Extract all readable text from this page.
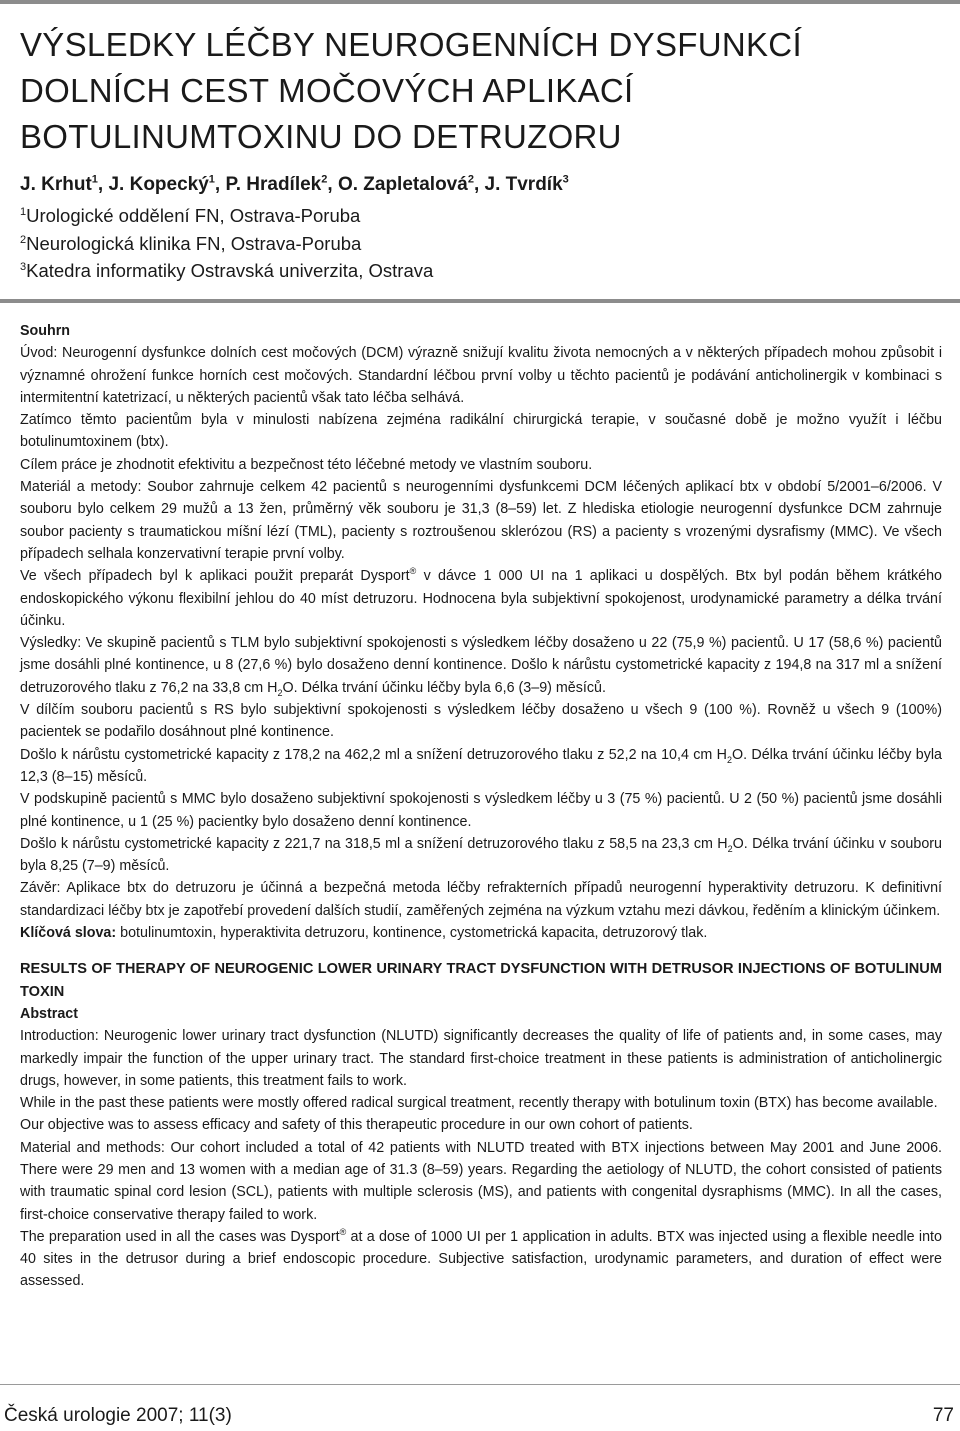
VÝSLEDKY LÉČBY NEUROGENNÍCH DYSFUNKCÍ DOLNÍCH CEST MOČOVÝCH APLIKACÍ BOTULINUMTOXINU DO DETRUZORU
J. Krhut$^1$, J. Kopecký$^1$, P. Hradílek$^2$, O. Zapletalová$^2$, J. Tvrdík$^3$
$^1$Urologické oddělení FN, Ostrava-Poruba
$^2$Neurologická klinika FN, Ostrava-Poruba
$^3$Katedra informatiky Ostravská univerzita, Ostrava

Souhrn

Úvod: Neurogenní dysfunkce dolních cest močových (DCM) výrazně snižují kvalitu života nemocných a v některých případech mohou způsobit i významné ohrožení funkce horních cest močových. Standardní léčbou první volby u těchto pacientů je podávání anticholinergik v kombinaci s intermitentní katetrizací, u některých pacientů však tato léčba selhává.

Zatímco těmto pacientům byla v minulosti nabízena zejména radikální chirurgická terapie, v současné době je možno využít i léčbu botulinumtoxinem (btx).

Cílem práce je zhodnotit efektivitu a bezpečnost této léčebné metody ve vlastním souboru.

Materiál a metody: Soubor zahrnuje celkem 42 pacientů s neurogenními dysfunkcemi DCM léčených aplikací btx v období 5/2001–6/2006. V souboru bylo celkem 29 mužů a 13 žen, průměrný věk souboru je 31,3 (8–59) let. Z hlediska etiologie neurogenní dysfunkce DCM zahrnuje soubor pacienty s traumatickou míšní lézí (TML), pacienty s roztroušenou sklerózou (RS) a pacienty s vrozenými dysrafismy (MMC). Ve všech případech selhala konzervativní terapie první volby.

Ve všech případech byl k aplikaci použit preparát Dysport® v dávce 1 000 UI na 1 aplikaci u dospělých. Btx byl podán během krátkého endoskopického výkonu flexibilní jehlou do 40 míst detruzoru. Hodnocena byla subjektivní spokojenost, urodynamické parametry a délka trvání účinku.

Výsledky: Ve skupině pacientů s TLM bylo subjektivní spokojenosti s výsledkem léčby dosaženo u 22 (75,9 %) pacientů. U 17 (58,6 %) pacientů jsme dosáhli plné kontinence, u 8 (27,6 %) bylo dosaženo denní kontinence. Došlo k nárůstu cystometrické kapacity z 194,8 na 317 ml a snížení detruzorového tlaku z 76,2 na 33,8 cm $H_2O$. Délka trvání účinku léčby byla 6,6 (3–9) měsíců.

V dílčím souboru pacientů s RS bylo subjektivní spokojenosti s výsledkem léčby dosaženo u všech 9 (100 %). Rovněž u všech 9 (100%) pacientek se podařilo dosáhnout plné kontinence.

Došlo k nárůstu cystometrické kapacity z 178,2 na 462,2 ml a snížení detruzorového tlaku z 52,2 na 10,4 cm $H_2O$. Délka trvání účinku léčby byla 12,3 (8–15) měsíců.

V podskupině pacientů s MMC bylo dosaženo subjektivní spokojenosti s výsledkem léčby u 3 (75 %) pacientů. U 2 (50 %) pacientů jsme dosáhli plné kontinence, u 1 (25 %) pacientky bylo dosaženo denní kontinence.

Došlo k nárůstu cystometrické kapacity z 221,7 na 318,5 ml a snížení detruzorového tlaku z 58,5 na 23,3 cm $H_2O$. Délka trvání účinku v souboru byla 8,25 (7–9) měsíců.

Závěr: Aplikace btx do detruzoru je účinná a bezpečná metoda léčby refrakterních případů neurogenní hyperaktivity detruzoru. K definitivní standardizaci léčby btx je zapotřebí provedení dalších studií, zaměřených zejména na výzkum vztahu mezi dávkou, ředěním a klinickým účinkem.

Klíčová slova: botulinumtoxin, hyperaktivita detruzoru, kontinence, cystometrická kapacita, detruzorový tlak.

RESULTS OF THERAPY OF NEUROGENIC LOWER URINARY TRACT DYSFUNCTION WITH DETRUSOR INJECTIONS OF BOTULINUM TOXIN

Abstract

Introduction: Neurogenic lower urinary tract dysfunction (NLUTD) significantly decreases the quality of life of patients and, in some cases, may markedly impair the function of the upper urinary tract. The standard first-choice treatment in these patients is administration of anticholinergic drugs, however, in some patients, this treatment fails to work.

While in the past these patients were mostly offered radical surgical treatment, recently therapy with botulinum toxin (BTX) has become available.

Our objective was to assess efficacy and safety of this therapeutic procedure in our own cohort of patients.

Material and methods: Our cohort included a total of 42 patients with NLUTD treated with BTX injections between May 2001 and June 2006. There were 29 men and 13 women with a median age of 31.3 (8–59) years. Regarding the aetiology of NLUTD, the cohort consisted of patients with traumatic spinal cord lesion (SCL), patients with multiple sclerosis (MS), and patients with congenital dysraphisms (MMC). In all the cases, first-choice conservative therapy failed to work.

The preparation used in all the cases was Dysport® at a dose of 1000 UI per 1 application in adults. BTX was injected using a flexible needle into 40 sites in the detrusor during a brief endoscopic procedure. Subjective satisfaction, urodynamic parameters, and duration of effect were assessed.

Česká urologie 2007; 11(3)	77
